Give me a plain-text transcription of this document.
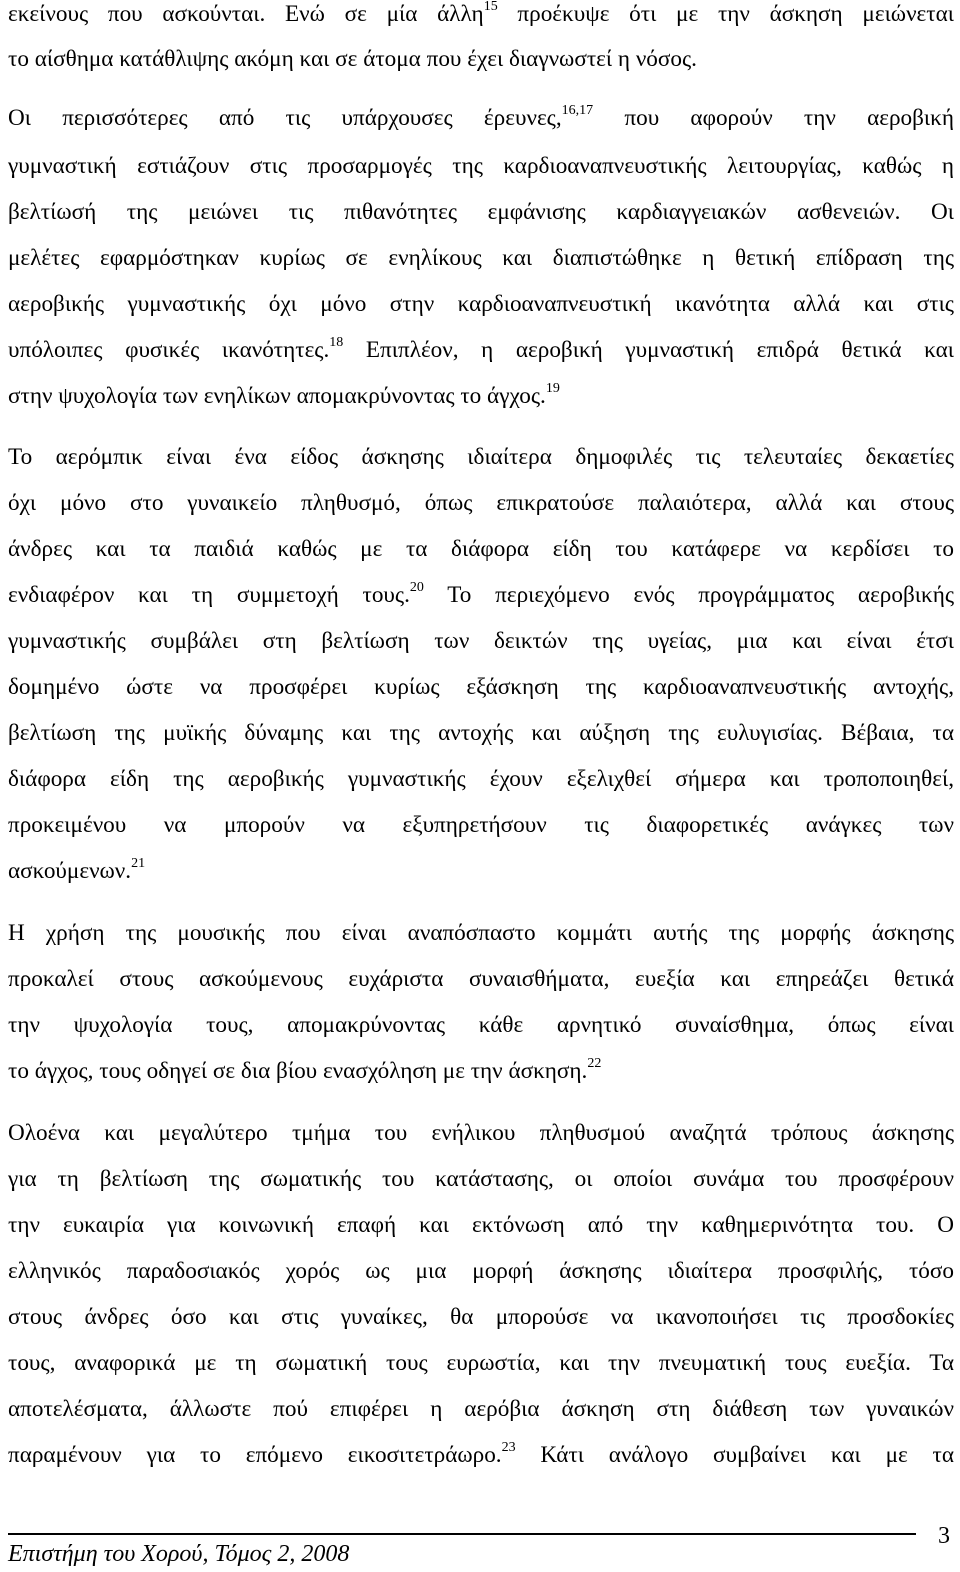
εκείνους που ασκούνται. Ενώ σε μία άλλη$^{15}$ προέκυψε ότι με την άσκηση μειώνεται
το αίσθημα κατάθλιψης ακόμη και σε άτομα που έχει διαγνωστεί η νόσος.
Οι περισσότερες από τις υπάρχουσες έρευνες,$^{16,17}$ που αφορούν την αεροβική
γυμναστική εστιάζουν στις προσαρμογές της καρδιοαναπνευστικής λειτουργίας, καθώς η
βελτίωσή της μειώνει τις πιθανότητες εμφάνισης καρδιαγγειακών ασθενειών. Οι
μελέτες εφαρμόστηκαν κυρίως σε ενηλίκους και διαπιστώθηκε η θετική επίδραση της
αεροβικής γυμναστικής όχι μόνο στην καρδιοαναπνευστική ικανότητα αλλά και στις
υπόλοιπες φυσικές ικανότητες.$^{18}$ Επιπλέον, η αεροβική γυμναστική επιδρά θετικά και
στην ψυχολογία των ενηλίκων απομακρύνοντας το άγχος.$^{19}$
Το αερόμπικ είναι ένα είδος άσκησης ιδιαίτερα δημοφιλές τις τελευταίες δεκαετίες
όχι μόνο στο γυναικείο πληθυσμό, όπως επικρατούσε παλαιότερα, αλλά και στους
άνδρες και τα παιδιά καθώς με τα διάφορα είδη του κατάφερε να κερδίσει το
ενδιαφέρον και τη συμμετοχή τους.$^{20}$ Το περιεχόμενο ενός προγράμματος αεροβικής
γυμναστικής συμβάλει στη βελτίωση των δεικτών της υγείας, μια και είναι έτσι
δομημένο ώστε να προσφέρει κυρίως εξάσκηση της καρδιοαναπνευστικής αντοχής,
βελτίωση της μυϊκής δύναμης και της αντοχής και αύξηση της ευλυγισίας. Βέβαια, τα
διάφορα είδη της αεροβικής γυμναστικής έχουν εξελιχθεί σήμερα και τροποποιηθεί,
προκειμένου να μπορούν να εξυπηρετήσουν τις διαφορετικές ανάγκες των
ασκούμενων.$^{21}$
Η χρήση της μουσικής που είναι αναπόσπαστο κομμάτι αυτής της μορφής άσκησης
προκαλεί στους ασκούμενους ευχάριστα συναισθήματα, ευεξία και επηρεάζει θετικά
την ψυχολογία τους, απομακρύνοντας κάθε αρνητικό συναίσθημα, όπως είναι
το άγχος, τους οδηγεί σε δια βίου ενασχόληση με την άσκηση.$^{22}$
Ολοένα και μεγαλύτερο τμήμα του ενήλικου πληθυσμού αναζητά τρόπους άσκησης
για τη βελτίωση της σωματικής του κατάστασης, οι οποίοι συνάμα του προσφέρουν
την ευκαιρία για κοινωνική επαφή και εκτόνωση από την καθημερινότητα του. Ο
ελληνικός παραδοσιακός χορός ως μια μορφή άσκησης ιδιαίτερα προσφιλής, τόσο
στους άνδρες όσο και στις γυναίκες, θα μπορούσε να ικανοποιήσει τις προσδοκίες
τους, αναφορικά με τη σωματική τους ευρωστία, και την πνευματική τους ευεξία. Τα
αποτελέσματα, άλλωστε πού επιφέρει η αερόβια άσκηση στη διάθεση των γυναικών
παραμένουν για το επόμενο εικοσιτετράωρο.$^{23}$ Κάτι ανάλογο συμβαίνει και με τα
Επιστήμη του Χορού, Τόμος 2, 2008
3
